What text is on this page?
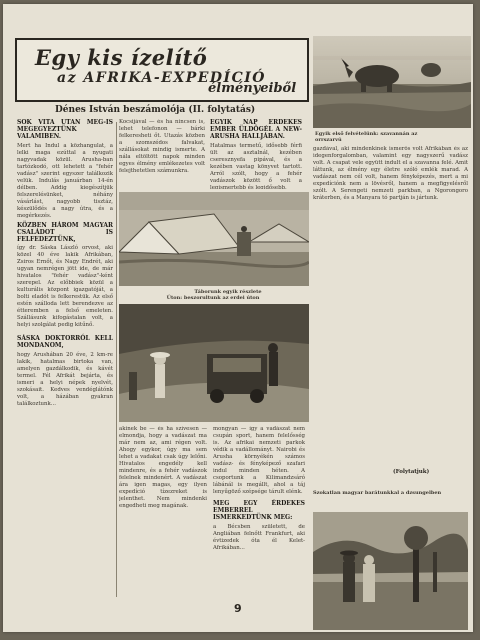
Egy kis ízelítő
az AFRIKA-EXPEDÍCIÓ
élményeiből
Dénes István beszámolója (II. folytatás)
Egyik első felvételünk: szavannán az orrszarvú

SOK VITA UTÁN MÉG-IS MEGEGYEZTÜNK VALAMIBEN.

Mert ha Indul a közhangulat, a lelki maga ezúttal a nyugati nagyvadak közül. Arusha-ban tartózkodó, ott lehetett a "fehér vadász" szerint egyszer találkozik velük. Indulás januárban 14-én délben. Addig kiegészítjük felszerelésünket, néhány vásárlást, nagyobb tisztáz, készülődés a nagy útra, és a megérkezés.

KÖZBEN HÁROM MAGYAR CSALÁDOT IS FELFEDEZTÜNK,

így dr. Sáska László orvost, aki közel 40 éve lakik Afrikában, Zsiros Ernőt, és Nagy Endrét, aki ugyan nemrégen jött ide, de már hivatalos "fehér vadász"-ként szerepel. Az előbbiek közül a kulturális központ igazgatóját, a bolti eladót is felkerestük. Az első estén szálloda lett berendezve az étteremben a felső emeleten. Szállásunk kifogástalan volt, a helyi szolgálat pedig kitűnő.

SÁSKA DOKTORRÓL KELL MONDANOM,

hogy Arushában 20 éve, 2 km-re lakik, hatalmas birtoka van, amelyen gazdálkodik, és kávét termel. Fél Afrikát bejárta, és ismeri a helyi népek nyelvét, szokásait. Kedves vendéglátónk volt, a házában gyakran találkoztunk...

Kocsijával — és ha nincsen is, lehet telefonon — bárki felkeresheti őt. Utazás közben a szomszédos falvakat, szállásokat mindig ismerte. A nála eltöltött napok minden egyes élmény emlékezetes volt felejthetetlen számunkra.

EGYIK NAP ÉRDEKES EMBER ÜLDÖGÉL A NEW-ARUSHA HALLJÁBAN.

Hatalmas termetű, idősebb férfi ült az asztalnál, kezében cseresznyefa pipával, és a kezében vastag könyvet tartott. Arról szólt, hogy a fehér vadászok között ő volt a legismertebb és legidősebb.

gazdával, aki mindenkinek ismerős volt Afrikában és az idegenforgalomban, valamint egy nagyszerű vadász volt. A csapat vele együtt indult el a szavanna felé. Amit láttunk, az élmény egy életre szóló emlék marad. A vadászat nem cél volt, hanem fényképezés, mert a mi expedíciónk nem a lövésről, hanem a megfigyelésről szólt. A Serengeti nemzeti parkban, a Ngorongoro kráterben, és a Manyara tó partján is jártunk.

(Folytatjuk)
Táborunk egyik részlete
Úton: beszorultunk az erdei úton

akinek be — és ha szívesen — elmondja, hogy a vadászat ma már nem az, ami régen volt. Ahogy egykor, úgy ma sem lehet a vadakat csak úgy lelőni. Hivatalos engedély kell mindenre, és a fehér vadászok felelnek mindenért. A vadászat ára igen magas, egy ilyen expedíció tízezreket is jelenthet. Nem mindenki engedheti meg magának.

mongyan — így a vadászat nem csupán sport, hanem felelősség is. Az afrikai nemzeti parkok védik a vadállományt. Nairobi és Arusha környékén számos vadász- és fényképező szafari indul minden héten. A csoportunk a Kilimandzsáró lábánál is megállt, ahol a táj lenyűgöző szépsége tárult elénk.

MEG EGY ÉRDEKES EMBERREL ISMERKEDTÜNK MEG:

a Bécsben született, de Angliában felnőtt Frankfurt, aki évtizedek óta él Kelet-Afrikában...

Szokatlan magyar barátunkkal a dzsungelben
9
